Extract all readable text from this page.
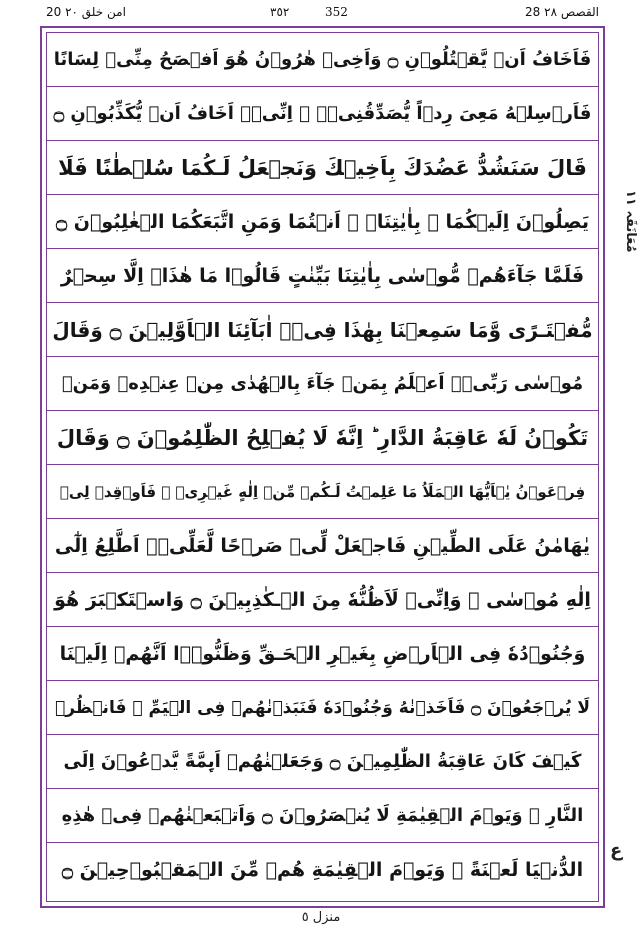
20 امن خلق ٢٠	٣٥٢	352	28 القصص ٢٨
فَاَخَافُ اَنۡ يَّقۡتُلُوۡنِ ۝ وَاَخِىۡ هٰرُوۡنُ هُوَ اَفۡصَحُ مِنِّىۡ لِسَانًا
فَاَرۡسِلۡهُ مَعِىَ رِدۡاً يُّصَدِّقُنِىۡۤ ۖ اِنِّىۡۤ اَخَافُ اَنۡ يُّكَذِّبُوۡنِ ۝
قَالَ سَنَشُدُّ عَضُدَكَ بِاَخِيۡكَ وَنَجۡعَلُ لَـكُمَا سُلۡطٰنًا فَلَا
يَصِلُوۡنَ اِلَيۡكُمَا ۛ بِاٰيٰتِنَاۤ ۛ اَنۡتُمَا وَمَنِ اتَّبَعَكُمَا الۡغٰلِبُوۡنَ ۝
فَلَمَّا جَآءَهُمۡ مُّوۡسٰى بِاٰيٰتِنَا بَيِّنٰتٍ قَالُوۡا مَا هٰذَاۤ اِلَّا سِحۡرٌ
مُّفۡتَـرًى وَّمَا سَمِعۡنَا بِهٰذَا فِىۡۤ اٰبَآئِنَا الۡاَوَّلِيۡنَ ۝ وَقَالَ
مُوۡسٰى رَبِّىۡۤ اَعۡلَمُ بِمَنۡ جَآءَ بِالۡهُدٰى مِنۡ عِنۡدِهٖ وَمَنۡ
تَكُوۡنُ لَهٗ عَاقِبَةُ الدَّارِ ؕ اِنَّهٗ لَا يُفۡلِحُ الظّٰلِمُوۡنَ ۝ وَقَالَ
فِرۡعَوۡنُ يٰۤاَيُّهَا الۡمَلَاُ مَا عَلِمۡتُ لَـكُمۡ مِّنۡ اِلٰهٍ غَيۡرِىۡ ۚ فَاَوۡقِدۡ لِىۡ
يٰهَامٰنُ عَلَى الطِّيۡنِ فَاجۡعَلْ لِّىۡ صَرۡحًا لَّعَلِّىۡۤ اَطَّلِعُ اِلٰٓى
اِلٰهِ مُوۡسٰى ۙ وَاِنِّىۡ لَاَظُنُّهٗ مِنَ الۡـكٰذِبِيۡنَ ۝ وَاسۡتَكۡبَرَ هُوَ
وَجُنُوۡدُهٗ فِى الۡاَرۡضِ بِغَيۡرِ الۡحَـقِّ وَظَنُّوۡۤا اَنَّهُمۡ اِلَيۡنَا
لَا يُرۡجَعُوۡنَ ۝ فَاَخَذۡنٰهُ وَجُنُوۡدَهٗ فَنَبَذۡنٰهُمۡ فِى الۡيَمِّ ۚ فَانۡظُرۡ
كَيۡفَ كَانَ عَاقِبَةُ الظّٰلِمِيۡنَ ۝ وَجَعَلۡنٰهُمۡ اَٮِٕمَّةً يَّدۡعُوۡنَ اِلَى
النَّارِ ۚ وَيَوۡمَ الۡقِيٰمَةِ لَا يُنۡصَرُوۡنَ ۝ وَاَتۡبَعۡنٰهُمۡ فِىۡ هٰذِهِ
الدُّنۡيَا لَعۡنَةً ۚ وَيَوۡمَ الۡقِيٰمَةِ هُمۡ مِّنَ الۡمَقۡبُوۡحِيۡنَ ۝
مُعَانَقَہ ١١
ع
منزل ٥
